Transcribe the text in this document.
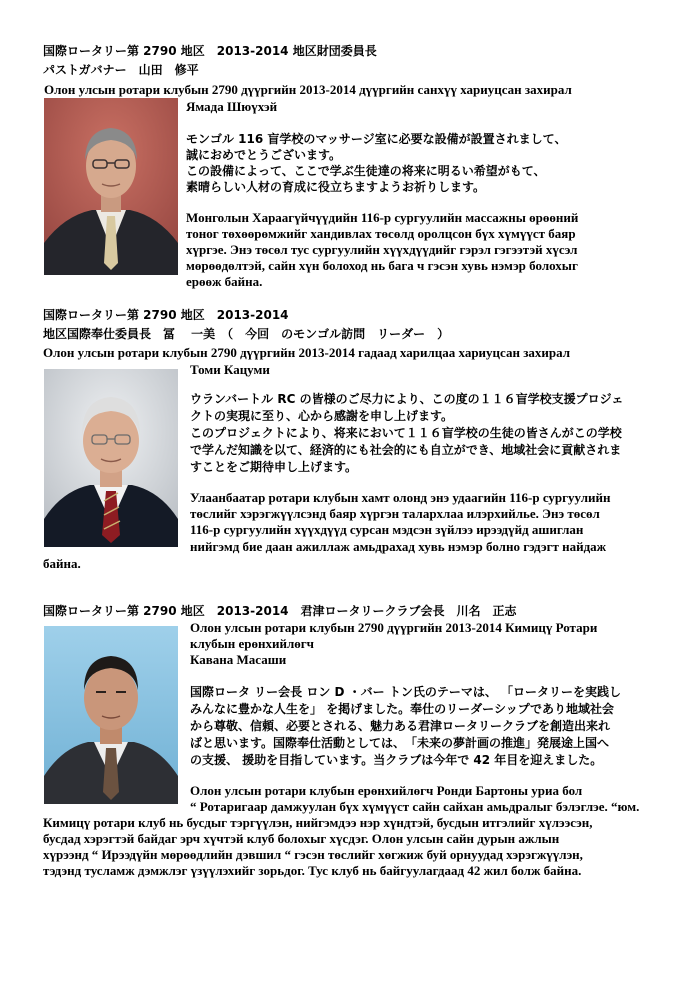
国際ロータリー第 2790 地区　2013-2014 地区財団委員長
パストガバナー　山田　修平
Олон улсын ротари клубын 2790 дүүргийн 2013-2014 дүүргийн санхүү хариуцсан захирал
Ямада Шюүхэй
モンゴル 116 盲学校のマッサージ室に必要な設備が設置されまして、
誠におめでとうございます。
この設備によって、ここで学ぶ生徒達の将来に明るい希望がもて、
素晴らしい人材の育成に役立ちますようお祈りします。
Монголын Хараагүйчүүдийн 116-р сургуулийн массажны өрөөний
тоног төхөөрөмжийг хандивлах төсөлд оролцсон бүх хүмүүст баяр
хүргэе. Энэ төсөл тус сургуулийн хүүхдүүдийг гэрэл гэгээтэй хүсэл
мөрөөдөлтэй, сайн хүн болоход нь бага ч гэсэн хувь нэмэр болохыг
ерөөж байна.
国際ロータリー第 2790 地区　2013-2014
地区国際奉仕委員長　冨　 一美　（　今回　のモンゴル訪問　リーダー　）
Олон улсын ротари клубын 2790 дүүргийн 2013-2014 гадаад харилцаа хариуцсан захирал
Томи Кацуми
ウランバートル RC の皆様のご尽力により、この度の１１６盲学校支援プロジェ
クトの実現に至り、心から感謝を申し上げます。
このプロジェクトにより、将来において１１６盲学校の生徒の皆さんがこの学校
で学んだ知識を以て、経済的にも社会的にも自立ができ、地域社会に貢献されま
すことをご期待申し上げます。
Улаанбаатар ротари клубын хамт олонд энэ удаагийн 116-р сургуулийн
төслийг хэрэгжүүлсэнд баяр хүргэн талархлаа илэрхийлье. Энэ төсөл
116-р сургуулийн хүүхдүүд сурсан мэдсэн зүйлээ ирээдүйд ашиглан
нийгэмд бие даан ажиллаж амьдрахад хувь нэмэр болно гэдэгт найдаж
байна.
国際ロータリー第 2790 地区　2013-2014　君津ロータリークラブ会長　川名　正志
Олон улсын ротари клубын 2790 дүүргийн 2013-2014 Кимицү Ротари
клубын ерөнхийлөгч
Кавана Масаши
国際ロータ リー会長 ロン D ・バー トン氏のテーマは、 「ロータリーを実践し
みんなに豊かな人生を」 を掲げました。奉仕のリーダーシップであり地域社会
から尊敬、信頼、必要とされる、魅力ある君津ロータリークラブを創造出来れ
ばと思います。国際奉仕活動としては、　「未来の夢計画の推進」発展途上国へ
の支援、 援助を目指しています。当クラブは今年で 42 年目を迎えました。
Олон улсын ротари клубын ерөнхийлөгч Ронди Бартоны уриа бол
“ Ротаригаар дамжуулан бүх хүмүүст сайн сайхан амьдралыг бэлэглэе. “юм.
Кимицү ротари клуб нь бусдыг тэргүүлэн, нийгэмдээ нэр хүндтэй, бусдын итгэлийг хүлээсэн,
бусдад хэрэгтэй байдаг эрч хүчтэй клуб болохыг хүсдэг. Олон улсын сайн дурын ажлын
хүрээнд “ Ирээдүйн мөрөөдлийн дэвшил “ гэсэн төслийг хөгжиж буй орнуудад хэрэгжүүлэн,
тэдэнд тусламж дэмжлэг үзүүлэхийг зорьдог. Тус клуб нь байгуулагдаад 42 жил болж байна.
